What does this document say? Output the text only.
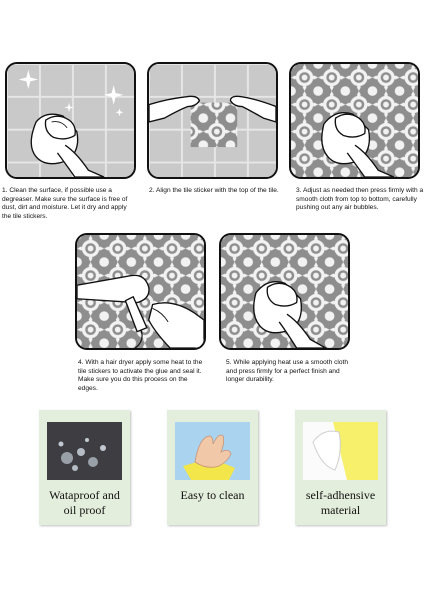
1. Clean the surface, if possible use a degreaser. Make sure the surface is free of dust, dirt and moisture. Let it dry and apply the tile stickers.

2. Align the tile sticker with the top of the tile.	3. Adjust as needed then press firmly with a smooth cloth from top to bottom, carefully pushing out any air bubbles.

4. With a hair dryer apply some heat to the tile stickers to activate the glue and seal it. Make sure you do this process on the edges.

5. While applying heat use a smooth cloth and press firmly for a perfect finish and longer durability.

Wataproof and oil proof

Easy to clean	self-adhensive material
